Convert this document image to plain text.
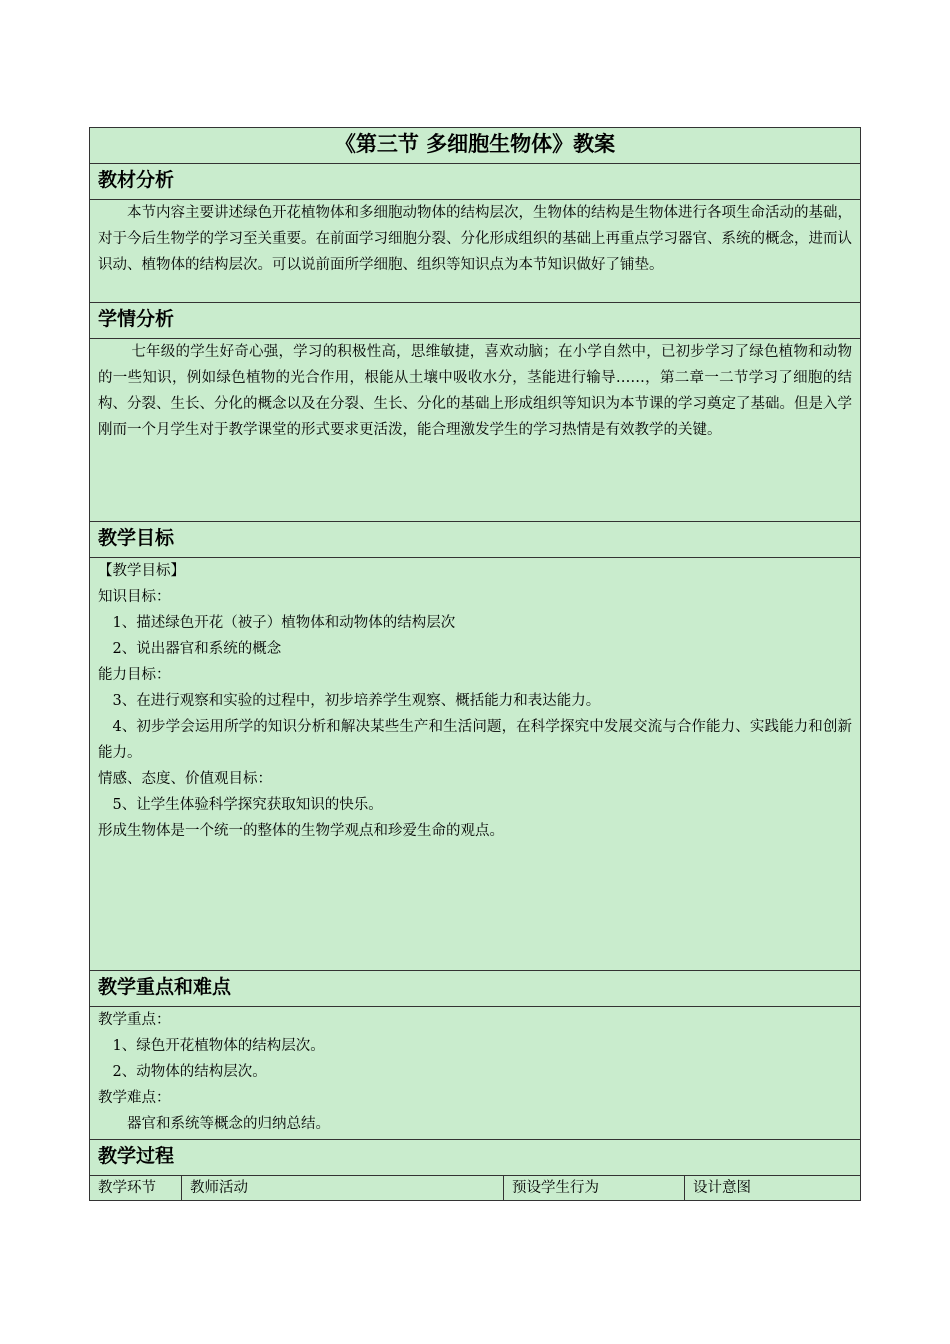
《第三节 多细胞生物体》教案
教材分析

本节内容主要讲述绿色开花植物体和多细胞动物体的结构层次，生物体的结构是生物体进行各项生命活动的基础，对于今后生物学的学习至关重要。在前面学习细胞分裂、分化形成组织的基础上再重点学习器官、系统的概念，进而认识动、植物体的结构层次。可以说前面所学细胞、组织等知识点为本节知识做好了铺垫。

学情分析

七年级的学生好奇心强，学习的积极性高，思维敏捷，喜欢动脑；在小学自然中，已初步学习了绿色植物和动物的一些知识，例如绿色植物的光合作用，根能从土壤中吸收水分，茎能进行输导……，第二章一二节学习了细胞的结构、分裂、生长、分化的概念以及在分裂、生长、分化的基础上形成组织等知识为本节课的学习奠定了基础。但是入学刚而一个月学生对于教学课堂的形式要求更活泼，能合理激发学生的学习热情是有效教学的关键。

教学目标

【教学目标】

知识目标：

1、描述绿色开花（被子）植物体和动物体的结构层次

2、说出器官和系统的概念

能力目标：

3、在进行观察和实验的过程中，初步培养学生观察、概括能力和表达能力。

4、初步学会运用所学的知识分析和解决某些生产和生活问题，在科学探究中发展交流与合作能力、实践能力和创新能力。

情感、态度、价值观目标：

5、让学生体验科学探究获取知识的快乐。

形成生物体是一个统一的整体的生物学观点和珍爱生命的观点。

教学重点和难点

教学重点：

1、绿色开花植物体的结构层次。

2、动物体的结构层次。

教学难点：

器官和系统等概念的归纳总结。

教学过程
教学环节	教师活动	预设学生行为	设计意图
